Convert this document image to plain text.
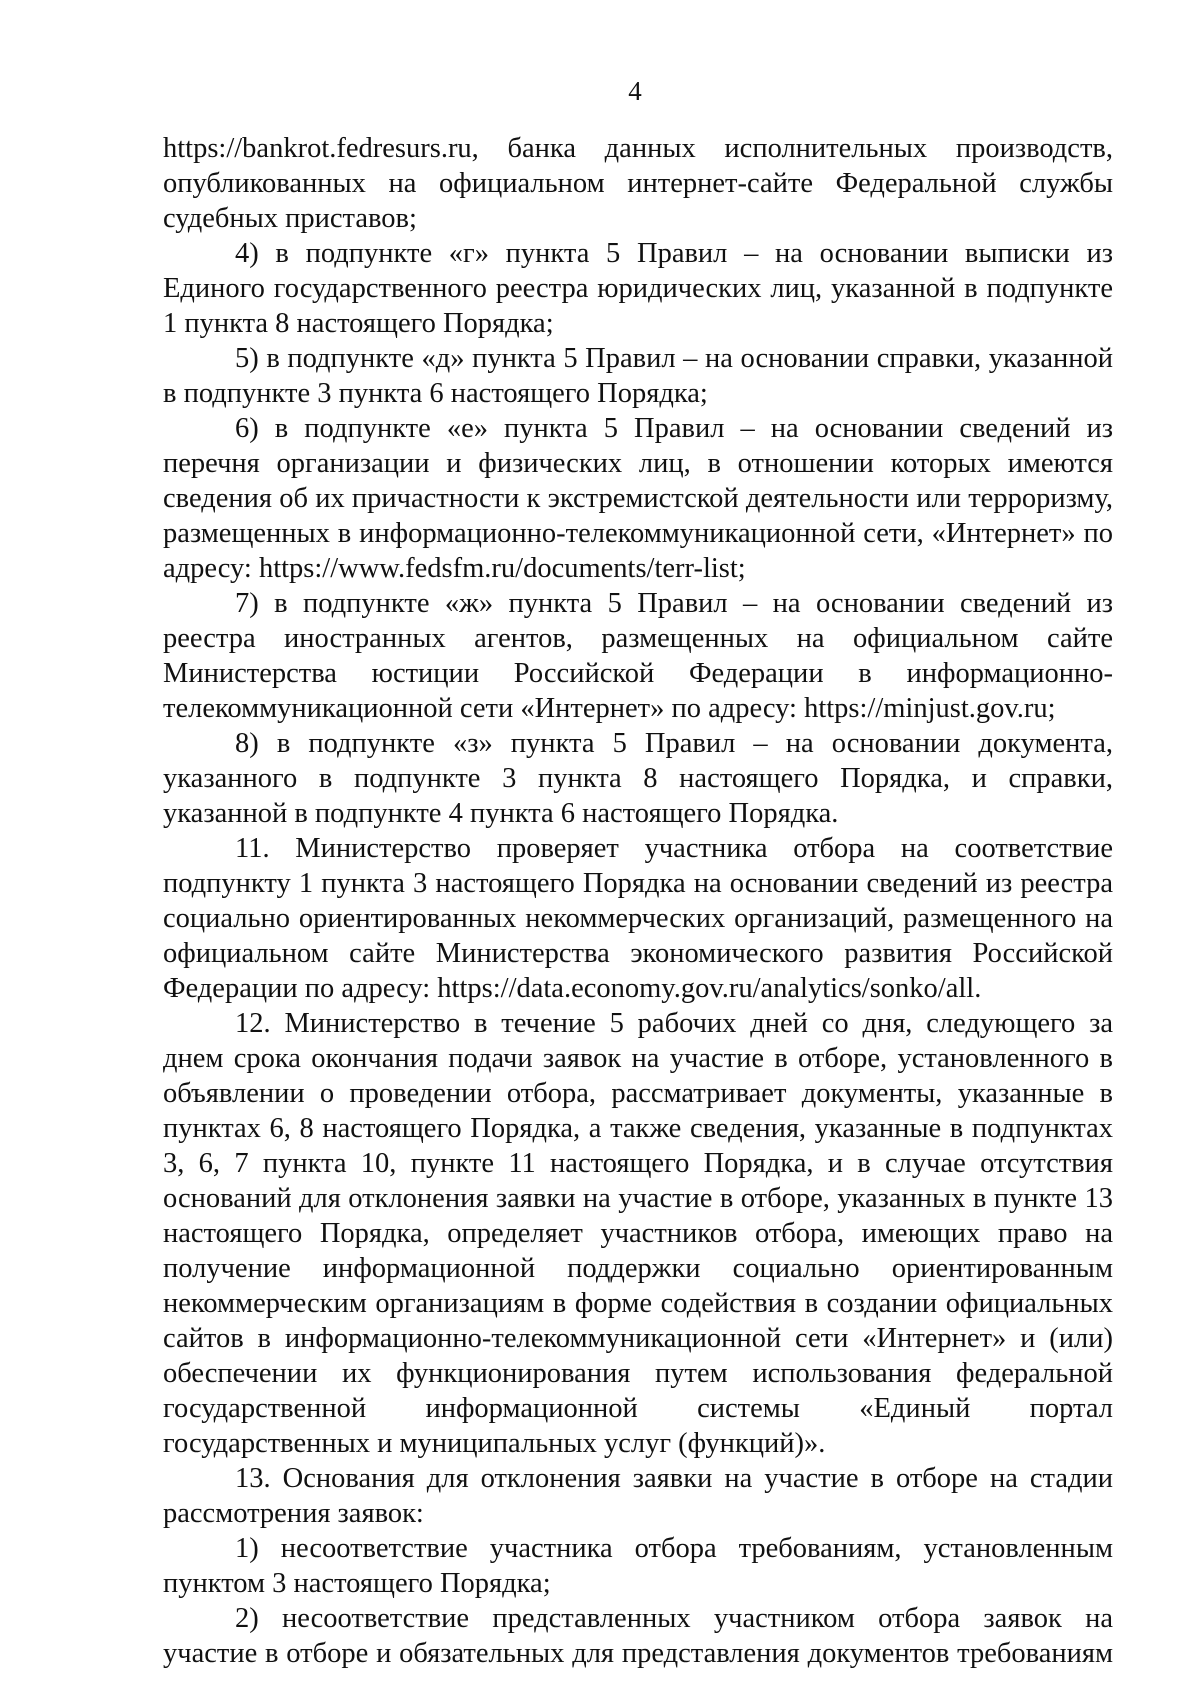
4

https://bankrot.fedresurs.ru, банка данных исполнительных производств, опубликованных на официальном интернет-сайте Федеральной службы судебных приставов;

4) в подпункте «г» пункта 5 Правил – на основании выписки из Единого государственного реестра юридических лиц, указанной в подпункте 1 пункта 8 настоящего Порядка;

5) в подпункте «д» пункта 5 Правил – на основании справки, указанной в подпункте 3 пункта 6 настоящего Порядка;

6) в подпункте «е» пункта 5 Правил – на основании сведений из перечня организации и физических лиц, в отношении которых имеются сведения об их причастности к экстремистской деятельности или терроризму, размещенных в информационно-телекоммуникационной сети, «Интернет» по адресу: https://www.fedsfm.ru/documents/terr-list;

7) в подпункте «ж» пункта 5 Правил – на основании сведений из реестра иностранных агентов, размещенных на официальном сайте Министерства юстиции Российской Федерации в информационно-телекоммуникационной сети «Интернет» по адресу: https://minjust.gov.ru;

8) в подпункте «з» пункта 5 Правил – на основании документа, указанного в подпункте 3 пункта 8 настоящего Порядка, и справки, указанной в подпункте 4 пункта 6 настоящего Порядка.

11. Министерство проверяет участника отбора на соответствие подпункту 1 пункта 3 настоящего Порядка на основании сведений из реестра социально ориентированных некоммерческих организаций, размещенного на официальном сайте Министерства экономического развития Российской Федерации по адресу: https://data.economy.gov.ru/analytics/sonko/all.

12. Министерство в течение 5 рабочих дней со дня, следующего за днем срока окончания подачи заявок на участие в отборе, установленного в объявлении о проведении отбора, рассматривает документы, указанные в пунктах 6, 8 настоящего Порядка, а также сведения, указанные в подпунктах 3, 6, 7 пункта 10, пункте 11 настоящего Порядка, и в случае отсутствия оснований для отклонения заявки на участие в отборе, указанных в пункте 13 настоящего Порядка, определяет участников отбора, имеющих право на получение информационной поддержки социально ориентированным некоммерческим организациям в форме содействия в создании официальных сайтов в информационно-телекоммуникационной сети «Интернет» и (или) обеспечении их функционирования путем использования федеральной государственной информационной системы «Единый портал государственных и муниципальных услуг (функций)».

13. Основания для отклонения заявки на участие в отборе на стадии рассмотрения заявок:

1) несоответствие участника отбора требованиям, установленным пунктом 3 настоящего Порядка;

2) несоответствие представленных участником отбора заявок на участие в отборе и обязательных для представления документов требованиям
